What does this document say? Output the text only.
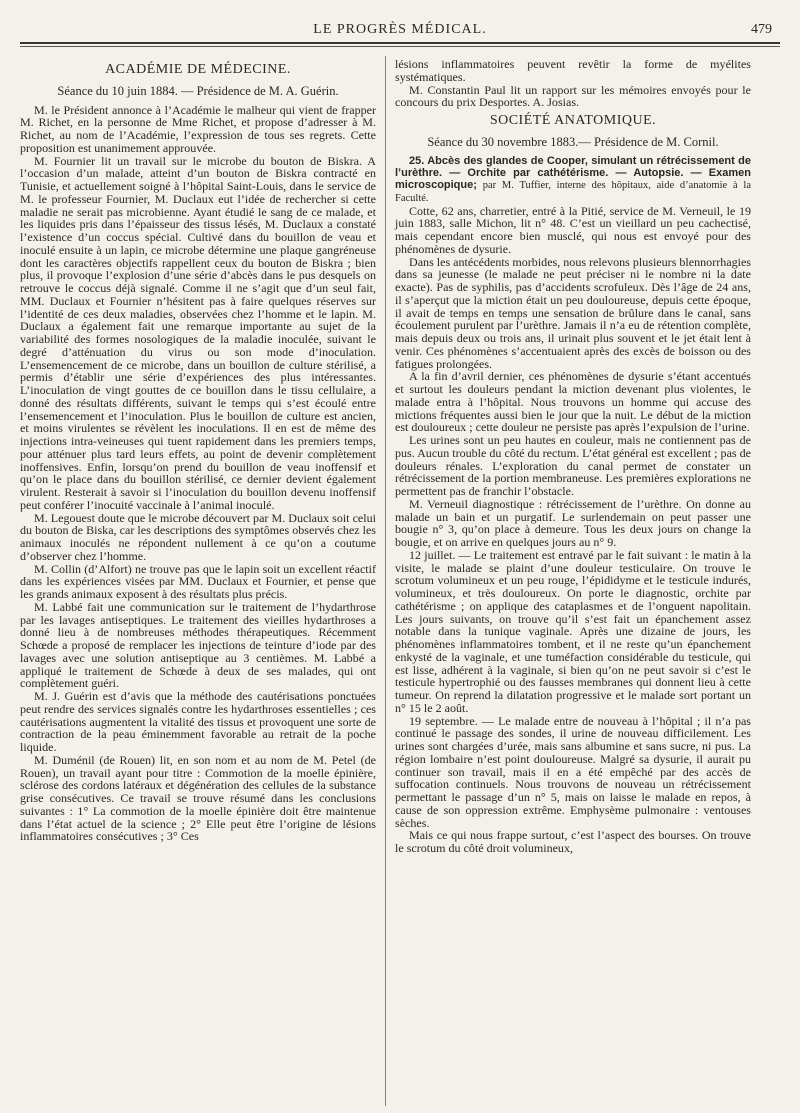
LE PROGRÈS MÉDICAL.	479
ACADÉMIE DE MÉDECINE.
Séance du 10 juin 1884. — Présidence de M. A. Guérin.

M. le Président annonce à l’Académie le malheur qui vient de frapper M. Richet, en la personne de Mme Richet, et propose d’adresser à M. Richet, au nom de l’Académie, l’expression de tous ses regrets. Cette proposition est unanimement approuvée.

M. Fournier lit un travail sur le microbe du bouton de Biskra. A l’occasion d’un malade, atteint d’un bouton de Biskra contracté en Tunisie, et actuellement soigné à l’hôpital Saint-Louis, dans le service de M. le professeur Fournier, M. Duclaux eut l’idée de rechercher si cette maladie ne serait pas microbienne. Ayant étudié le sang de ce malade, et les liquides pris dans l’épaisseur des tissus lésés, M. Duclaux a constaté l’existence d’un coccus spécial. Cultivé dans du bouillon de veau et inoculé ensuite à un lapin, ce microbe détermine une plaque gangréneuse dont les caractères objectifs rappellent ceux du bouton de Biskra ; bien plus, il provoque l’explosion d’une série d’abcès dans le pus desquels on retrouve le coccus déjà signalé. Comme il ne s’agit que d’un seul fait, MM. Duclaux et Fournier n’hésitent pas à faire quelques réserves sur l’identité de ces deux maladies, observées chez l’homme et le lapin. M. Duclaux a également fait une remarque importante au sujet de la variabilité des formes nosologiques de la maladie inoculée, suivant le degré d’atténuation du virus ou son mode d’inoculation. L’ensemencement de ce microbe, dans un bouillon de culture stérilisé, a permis d’établir une série d’expériences des plus intéressantes. L’inoculation de vingt gouttes de ce bouillon dans le tissu cellulaire, a donné des résultats différents, suivant le temps qui s’est écoulé entre l’ensemencement et l’inoculation. Plus le bouillon de culture est ancien, et moins virulentes se révèlent les inoculations. Il en est de même des injections intra-veineuses qui tuent rapidement dans les premiers temps, pour atténuer plus tard leurs effets, au point de devenir complètement inoffensives. Enfin, lorsqu’on prend du bouillon de veau inoffensif et qu’on le place dans du bouillon stérilisé, ce dernier devient également virulent. Resterait à savoir si l’inoculation du bouillon devenu inoffensif peut conférer l’inocuité vaccinale à l’animal inoculé.

M. Legouest doute que le microbe découvert par M. Duclaux soit celui du bouton de Biska, car les descriptions des symptômes observés chez les animaux inoculés ne répondent nullement à ce qu’on a coutume d’observer chez l’homme.

M. Collin (d’Alfort) ne trouve pas que le lapin soit un excellent réactif dans les expériences visées par MM. Duclaux et Fournier, et pense que les grands animaux exposent à des résultats plus précis.

M. Labbé fait une communication sur le traitement de l’hydarthrose par les lavages antiseptiques. Le traitement des vieilles hydarthroses a donné lieu à de nombreuses méthodes thérapeutiques. Récemment Schœde a proposé de remplacer les injections de teinture d’iode par des lavages avec une solution antiseptique au 3 centièmes. M. Labbé a appliqué le traitement de Schœde à deux de ses malades, qui ont complètement guéri.

M. J. Guérin est d’avis que la méthode des cautérisations ponctuées peut rendre des services signalés contre les hydarthroses essentielles ; ces cautérisations augmentent la vitalité des tissus et provoquent une sorte de contraction de la peau éminemment favorable au retrait de la poche liquide.

M. Duménil (de Rouen) lit, en son nom et au nom de M. Petel (de Rouen), un travail ayant pour titre : Commotion de la moelle épinière, sclérose des cordons latéraux et dégénération des cellules de la substance grise consécutives. Ce travail se trouve résumé dans les conclusions suivantes : 1° La commotion de la moelle épinière doit être maintenue dans l’état actuel de la science ; 2° Elle peut être l’origine de lésions inflammatoires consécutives ; 3° Ces

lésions inflammatoires peuvent revêtir la forme de myélites systématiques.

M. Constantin Paul lit un rapport sur les mémoires envoyés pour le concours du prix Desportes. A. Josias.

SOCIÉTÉ ANATOMIQUE.
Séance du 30 novembre 1883.— Présidence de M. Cornil.

25. Abcès des glandes de Cooper, simulant un rétrécissement de l’urèthre. — Orchite par cathétérisme. — Autopsie. — Examen microscopique; par M. Tuffier, interne des hôpitaux, aide d’anatomie à la Faculté.

Cotte, 62 ans, charretier, entré à la Pitié, service de M. Verneuil, le 19 juin 1883, salle Michon, lit n° 48. C’est un vieillard un peu cachectisé, mais cependant encore bien musclé, qui nous est envoyé pour des phénomènes de dysurie.

Dans les antécédents morbides, nous relevons plusieurs blennorrhagies dans sa jeunesse (le malade ne peut préciser ni le nombre ni la date exacte). Pas de syphilis, pas d’accidents scrofuleux. Dès l’âge de 24 ans, il s’aperçut que la miction était un peu douloureuse, depuis cette époque, il avait de temps en temps une sensation de brûlure dans le canal, sans écoulement purulent par l’urèthre. Jamais il n’a eu de rétention complète, mais depuis deux ou trois ans, il urinait plus souvent et le jet était lent à venir. Ces phénomènes s’accentuaient après des excès de boisson ou des fatigues prolongées.

A la fin d’avril dernier, ces phénomènes de dysurie s’étant accentués et surtout les douleurs pendant la miction devenant plus violentes, le malade entra à l’hôpital. Nous trouvons un homme qui accuse des mictions fréquentes aussi bien le jour que la nuit. Le début de la miction est douloureux ; cette douleur ne persiste pas après l’expulsion de l’urine.

Les urines sont un peu hautes en couleur, mais ne contiennent pas de pus. Aucun trouble du côté du rectum. L’état général est excellent ; pas de douleurs rénales. L’exploration du canal permet de constater un rétrécissement de la portion membraneuse. Les premières explorations ne permettent pas de franchir l’obstacle.

M. Verneuil diagnostique : rétrécissement de l’urèthre. On donne au malade un bain et un purgatif. Le surlendemain on peut passer une bougie n° 3, qu’on place à demeure. Tous les deux jours on change la bougie, et on arrive en quelques jours au n° 9.

12 juillet. — Le traitement est entravé par le fait suivant : le matin à la visite, le malade se plaint d’une douleur testiculaire. On trouve le scrotum volumineux et un peu rouge, l’épididyme et le testicule indurés, volumineux, et très douloureux. On porte le diagnostic, orchite par cathétérisme ; on applique des cataplasmes et de l’onguent napolitain. Les jours suivants, on trouve qu’il s’est fait un épanchement assez notable dans la tunique vaginale. Après une dizaine de jours, les phénomènes inflammatoires tombent, et il ne reste qu’un épanchement enkysté de la vaginale, et une tuméfaction considérable du testicule, qui est lisse, adhérent à la vaginale, si bien qu’on ne peut savoir si c’est le testicule hypertrophié ou des fausses membranes qui donnent lieu à cette tumeur. On reprend la dilatation progressive et le malade sort portant un n° 15 le 2 août.

19 septembre. — Le malade entre de nouveau à l’hôpital ; il n’a pas continué le passage des sondes, il urine de nouveau difficilement. Les urines sont chargées d’urée, mais sans albumine et sans sucre, ni pus. La région lombaire n’est point douloureuse. Malgré sa dysurie, il aurait pu continuer son travail, mais il en a été empêché par des accès de suffocation continuels. Nous trouvons de nouveau un rétrécissement permettant le passage d’un n° 5, mais on laisse le malade en repos, à cause de son oppression extrême. Emphysème pulmonaire : ventouses sèches.

Mais ce qui nous frappe surtout, c’est l’aspect des bourses. On trouve le scrotum du côté droit volumineux,
